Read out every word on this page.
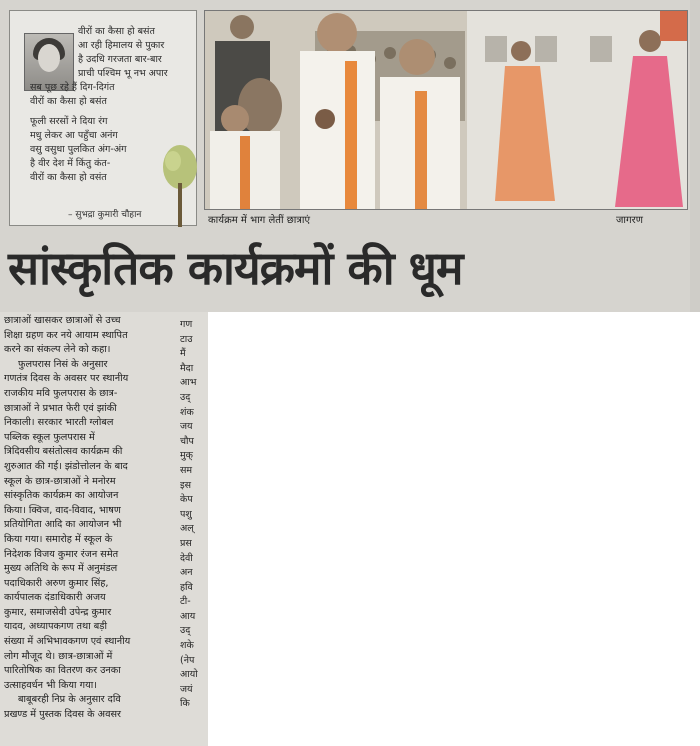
वीरों का कैसा हो बसंत
आ रही हिमालय से पुकार
है उदधि गरजता बार-बार
प्राची पश्चिम भू नभ अपार
सब पूछ रहे हैं दिग-दिगंत
वीरों का कैसा हो बसंत
फूली सरसों ने दिया रंग
मधु लेकर आ पहुँचा अनंग
वसु वसुधा पुलकित अंग-अंग
है वीर देश में किंतु कंत-
वीरों का कैसा हो वसंत
– सुभद्रा कुमारी चौहान	कार्यक्रम में भाग लेतीं छात्राएं	जागरण
सांस्कृतिक कार्यक्रमों की धूम
छात्राओं खासकर छात्राओं से उच्च
शिक्षा ग्रहण कर नये आयाम स्थापित
करने का संकल्प लेने को कहा।
फुलपरास निसं के अनुसार
गणतंत्र दिवस के अवसर पर स्थानीय
राजकीय मवि फुलपरास के छात्र-
छात्राओं ने प्रभात फेरी एवं झांकी
निकाली। सरकार भारती ग्लोबल
पब्लिक स्कूल फुलपरास में
त्रिदिवसीय बसंतोत्सव कार्यक्रम की
शुरुआत की गई। झंडोत्तोलन के बाद
स्कूल के छात्र-छात्राओं ने मनोरम
सांस्कृतिक कार्यक्रम का आयोजन
किया। क्विज, वाद-विवाद, भाषण
प्रतियोगिता आदि का आयोजन भी
किया गया। समारोह में स्कूल के
निदेशक विजय कुमार रंजन समेत
मुख्य अतिथि के रूप में अनुमंडल
पदाधिकारी अरुण कुमार सिंह,
कार्यपालक दंडाधिकारी अजय
कुमार, समाजसेवी उपेन्द्र कुमार
यादव, अध्यापकगण तथा बड़ी
संख्या में अभिभावकगण एवं स्थानीय
लोग मौजूद थे। छात्र-छात्राओं में
पारितोषिक का वितरण कर उनका
उत्साहवर्धन भी किया गया।
बाबूबरही निप्र के अनुसार दवि
प्रखण्ड में पुस्तक दिवस के अवसर
गण
टाउ
मैं
मैदा
आभ
उद्
शंक
जय
चौप
मुक्
सम
इस
केप
पशु
अल्
प्रस
देवी
अन
हवि
टी-
आय
उद्
शके
(नेप
आयो
जयं
कि
